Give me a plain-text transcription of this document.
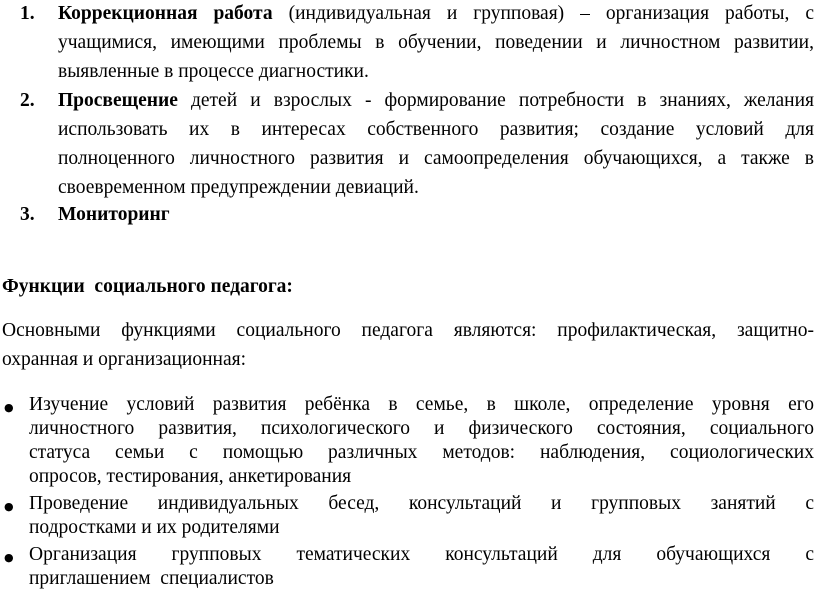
1. Коррекционная работа (индивидуальная и групповая) – организация работы, с
учащимися, имеющими проблемы в обучении, поведении и личностном развитии,
выявленные в процессе диагностики.
2. Просвещение детей и взрослых - формирование потребности в знаниях, желания
использовать их в интересах собственного развития; создание условий для
полноценного личностного развития и самоопределения обучающихся, а также в
своевременном предупреждении девиаций.
3. Мониторинг
Функции  социального педагога:
Основными функциями социального педагога являются: профилактическая, защитно-
охранная и организационная:
● Изучение условий развития ребёнка в семье, в школе, определение уровня его
личностного развития, психологического и физического состояния, социального
статуса семьи с помощью различных методов: наблюдения, социологических
опросов, тестирования, анкетирования
● Проведение индивидуальных бесед, консультаций и групповых занятий с
подростками и их родителями
● Организация групповых тематических консультаций для обучающихся с
приглашением  специалистов
